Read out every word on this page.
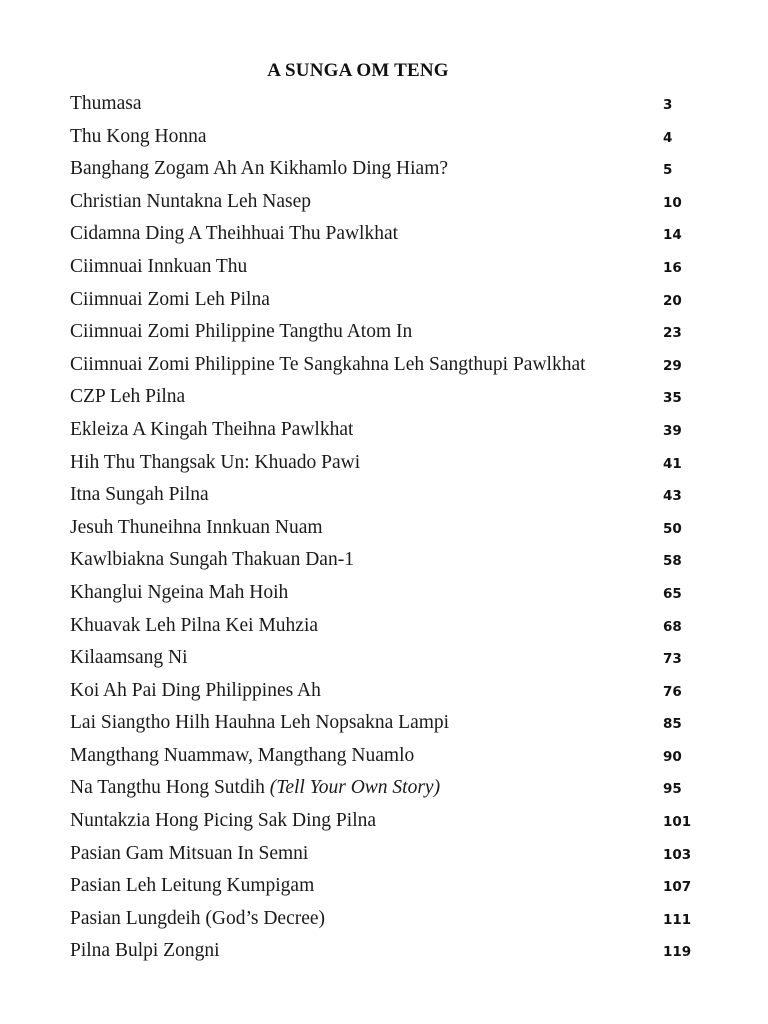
A SUNGA OM TENG
Thumasa	3
Thu Kong Honna	4
Banghang Zogam Ah An Kikhamlo Ding Hiam?	5
Christian Nuntakna Leh Nasep	10
Cidamna Ding A Theihhuai Thu Pawlkhat	14
Ciimnuai Innkuan Thu	16
Ciimnuai Zomi Leh Pilna	20
Ciimnuai Zomi Philippine Tangthu Atom In	23
Ciimnuai Zomi Philippine Te Sangkahna Leh Sangthupi Pawlkhat	29
CZP Leh Pilna	35
Ekleiza A Kingah Theihna Pawlkhat	39
Hih Thu Thangsak Un: Khuado Pawi	41
Itna Sungah Pilna	43
Jesuh Thuneihna Innkuan Nuam	50
Kawlbiakna Sungah Thakuan Dan-1	58
Khanglui Ngeina Mah Hoih	65
Khuavak Leh Pilna Kei Muhzia	68
Kilaamsang Ni	73
Koi Ah Pai Ding Philippines Ah	76
Lai Siangtho Hilh Hauhna Leh Nopsakna Lampi	85
Mangthang Nuammaw, Mangthang Nuamlo	90
Na Tangthu Hong Sutdih (Tell Your Own Story)	95
Nuntakzia Hong Picing Sak Ding Pilna	101
Pasian Gam Mitsuan In Semni	103
Pasian Leh Leitung Kumpigam	107
Pasian Lungdeih (God’s Decree)	111
Pilna Bulpi Zongni	119
